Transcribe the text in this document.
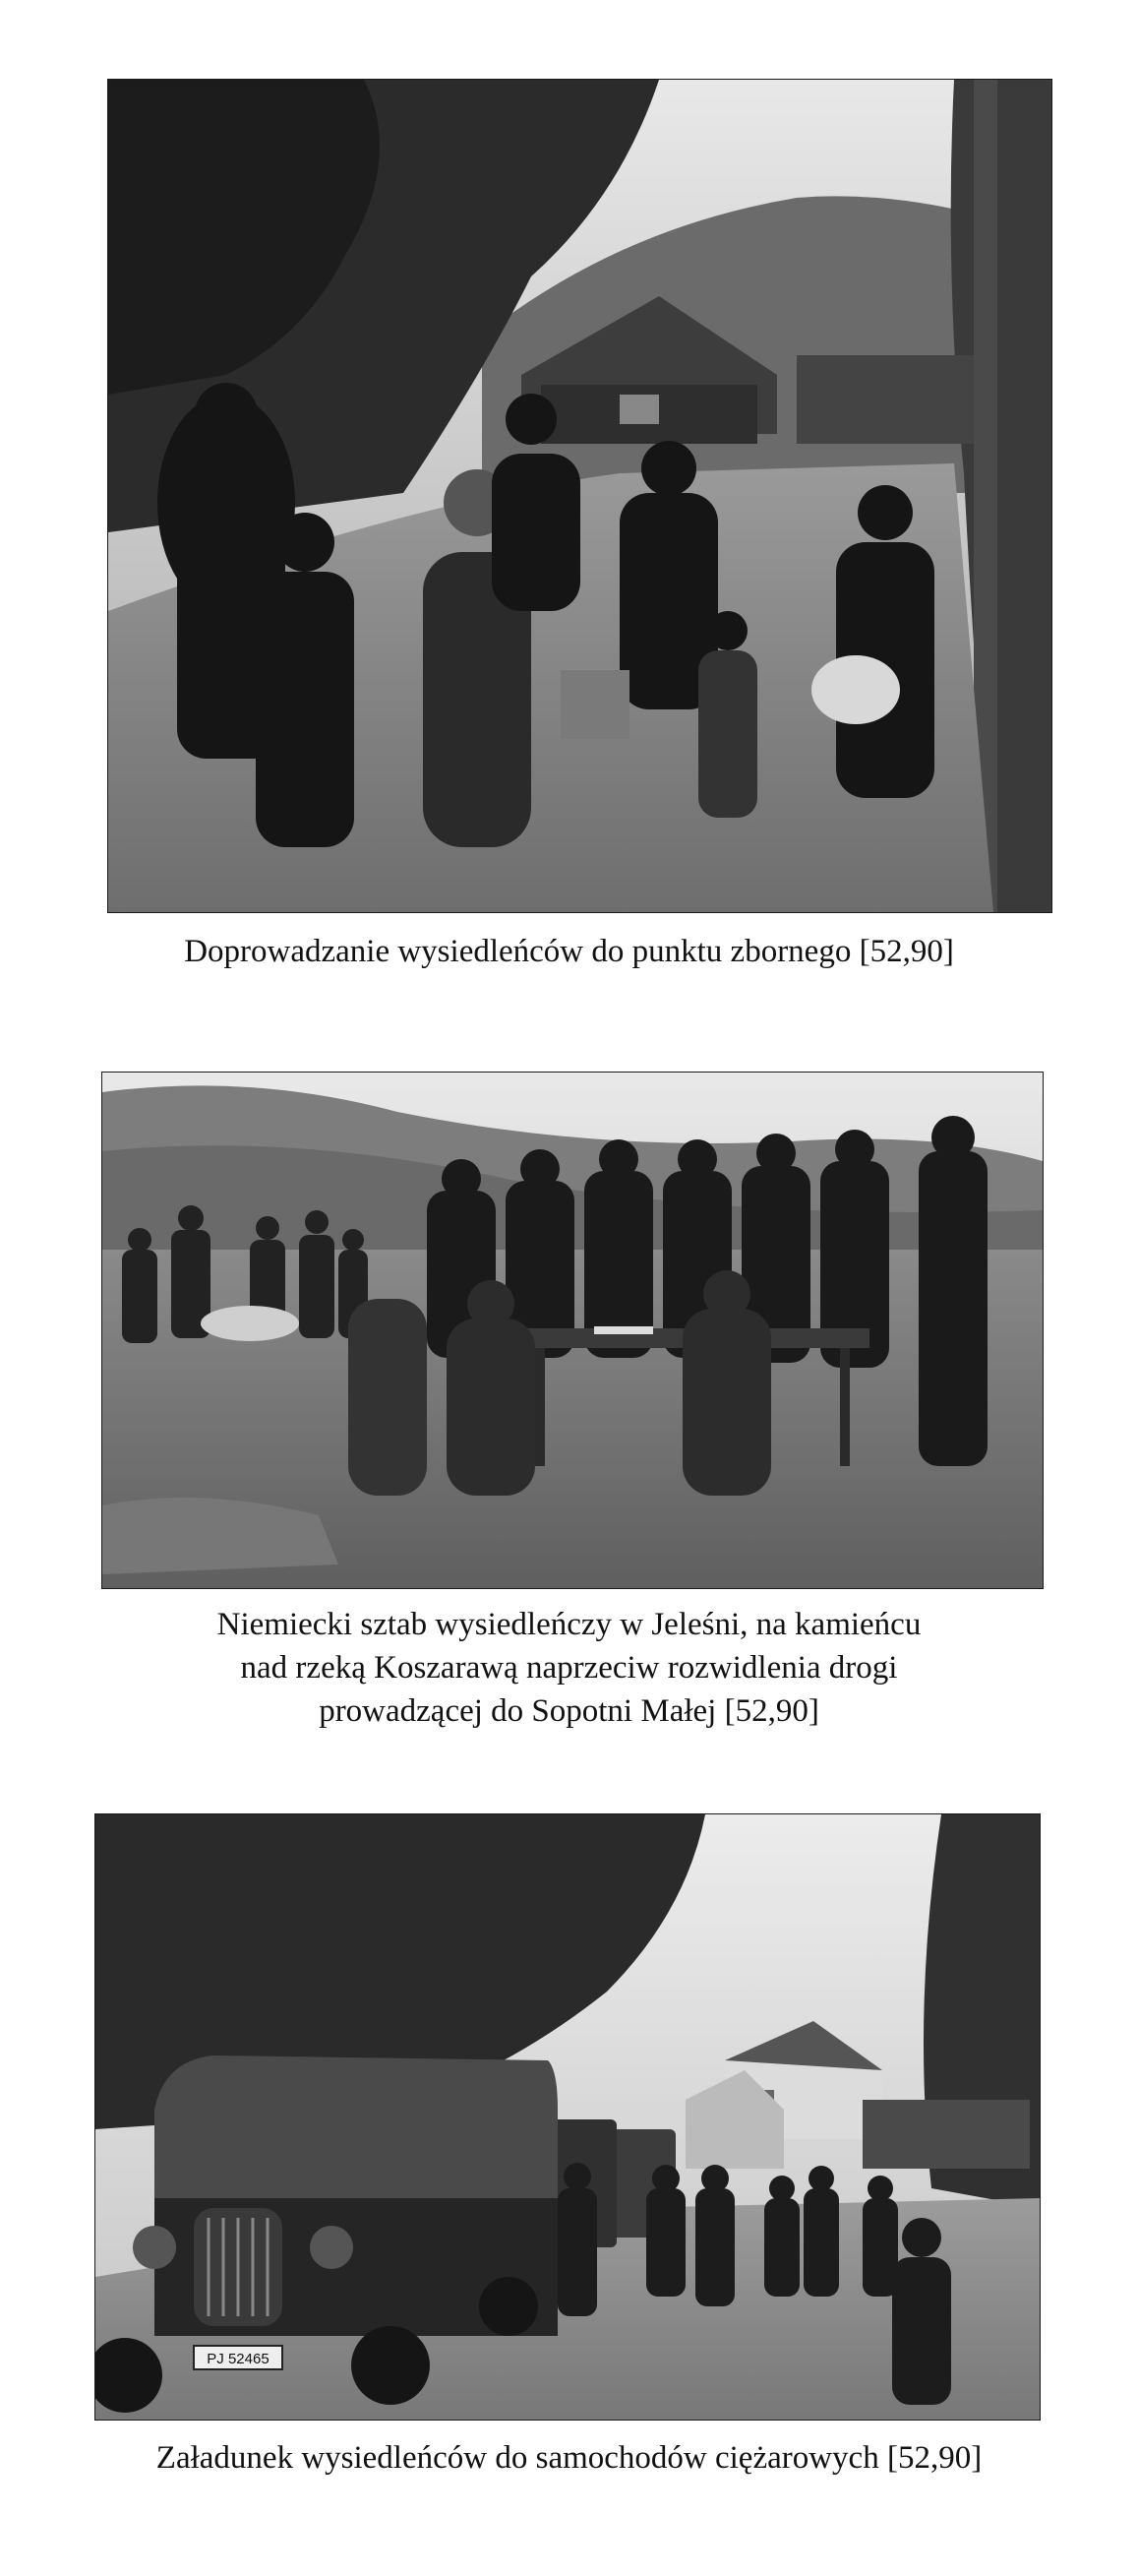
Doprowadzanie wysiedleńców do punktu zbornego [52,90]
Niemiecki sztab wysiedleńczy w Jeleśni, na kamieńcu
nad rzeką Koszarawą naprzeciw rozwidlenia drogi
prowadzącej do Sopotni Małej [52,90]
PJ 52465
Załadunek wysiedleńców do samochodów ciężarowych [52,90]
